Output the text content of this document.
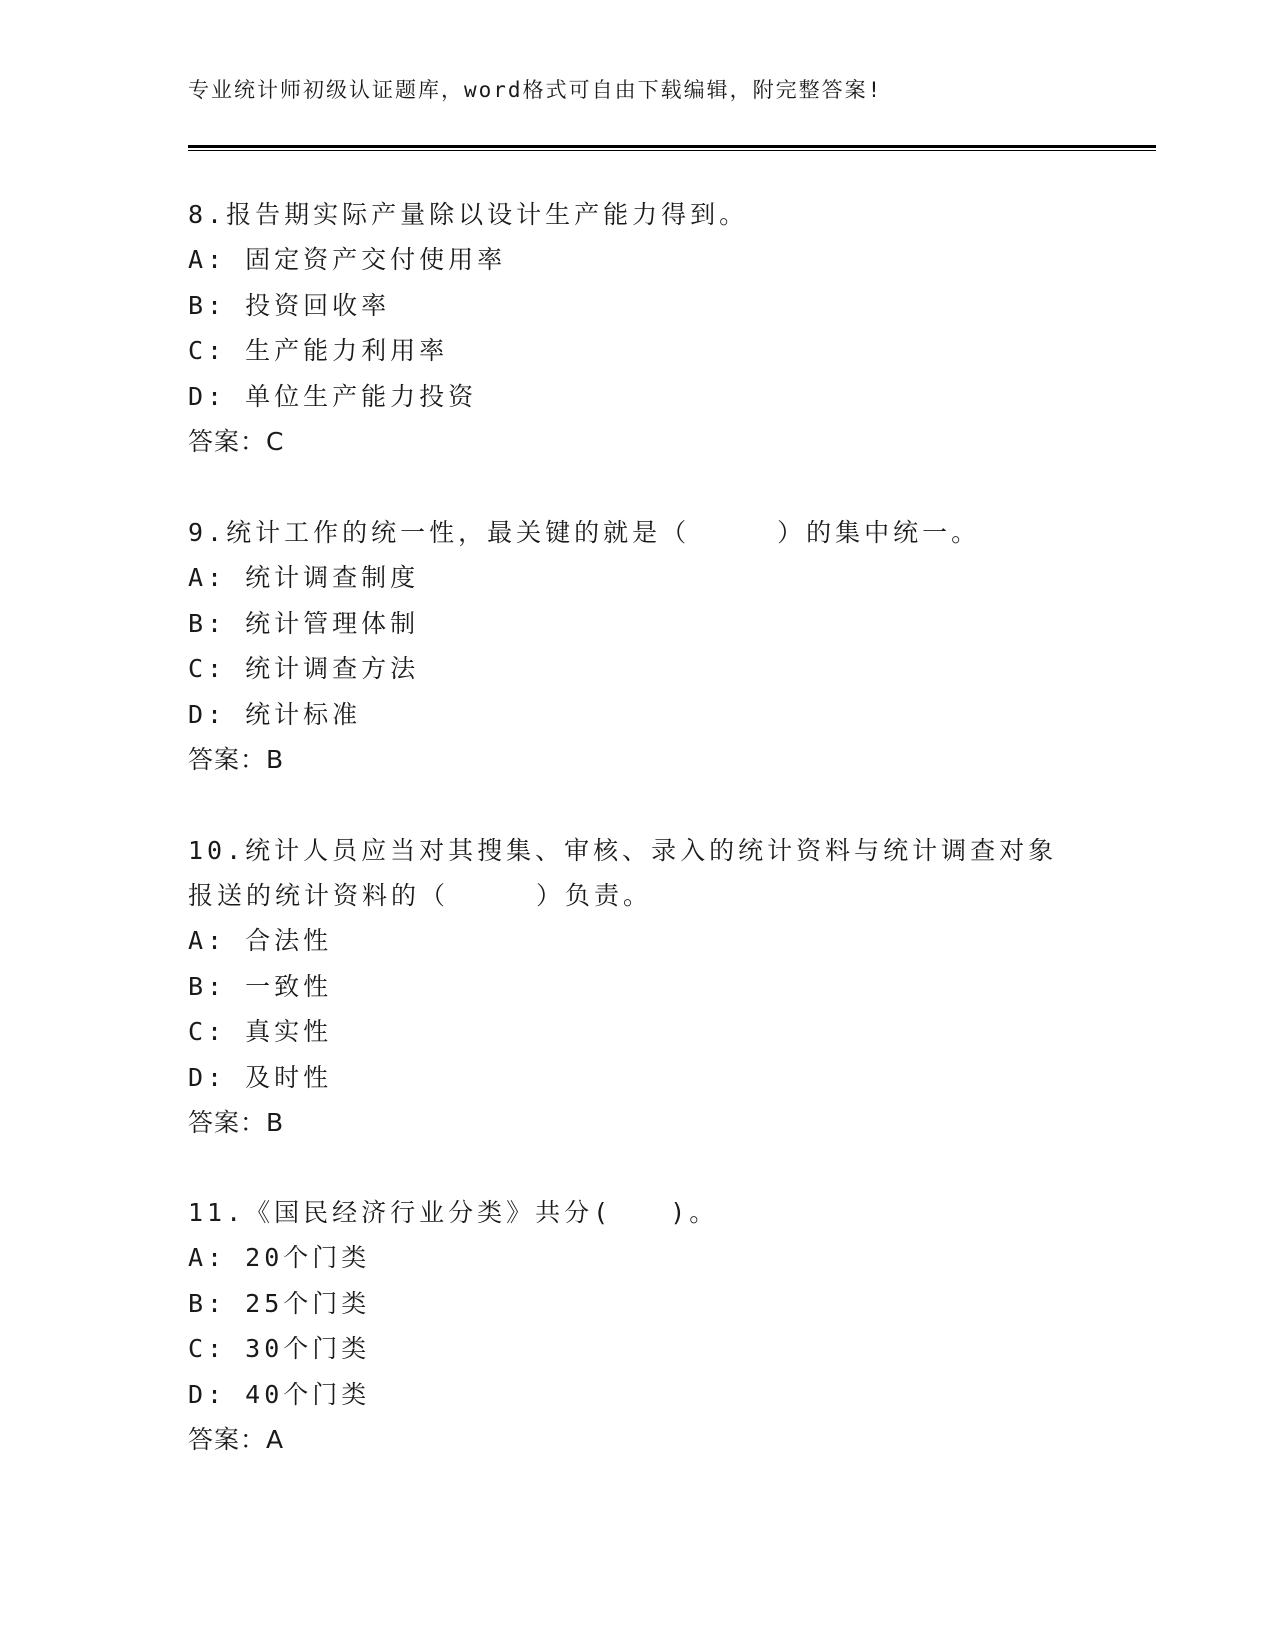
专业统计师初级认证题库，word格式可自由下载编辑，附完整答案!
8.报告期实际产量除以设计生产能力得到。
A: 固定资产交付使用率
B: 投资回收率
C: 生产能力利用率
D: 单位生产能力投资
答案：C
9.统计工作的统一性，最关键的就是（　　　）的集中统一。
A: 统计调查制度
B: 统计管理体制
C: 统计调查方法
D: 统计标准
答案：B
10.统计人员应当对其搜集、审核、录入的统计资料与统计调查对象报送的统计资料的（　　　）负责。
A: 合法性
B: 一致性
C: 真实性
D: 及时性
答案：B
11.《国民经济行业分类》共分(　　)。
A: 20个门类
B: 25个门类
C: 30个门类
D: 40个门类
答案：A
